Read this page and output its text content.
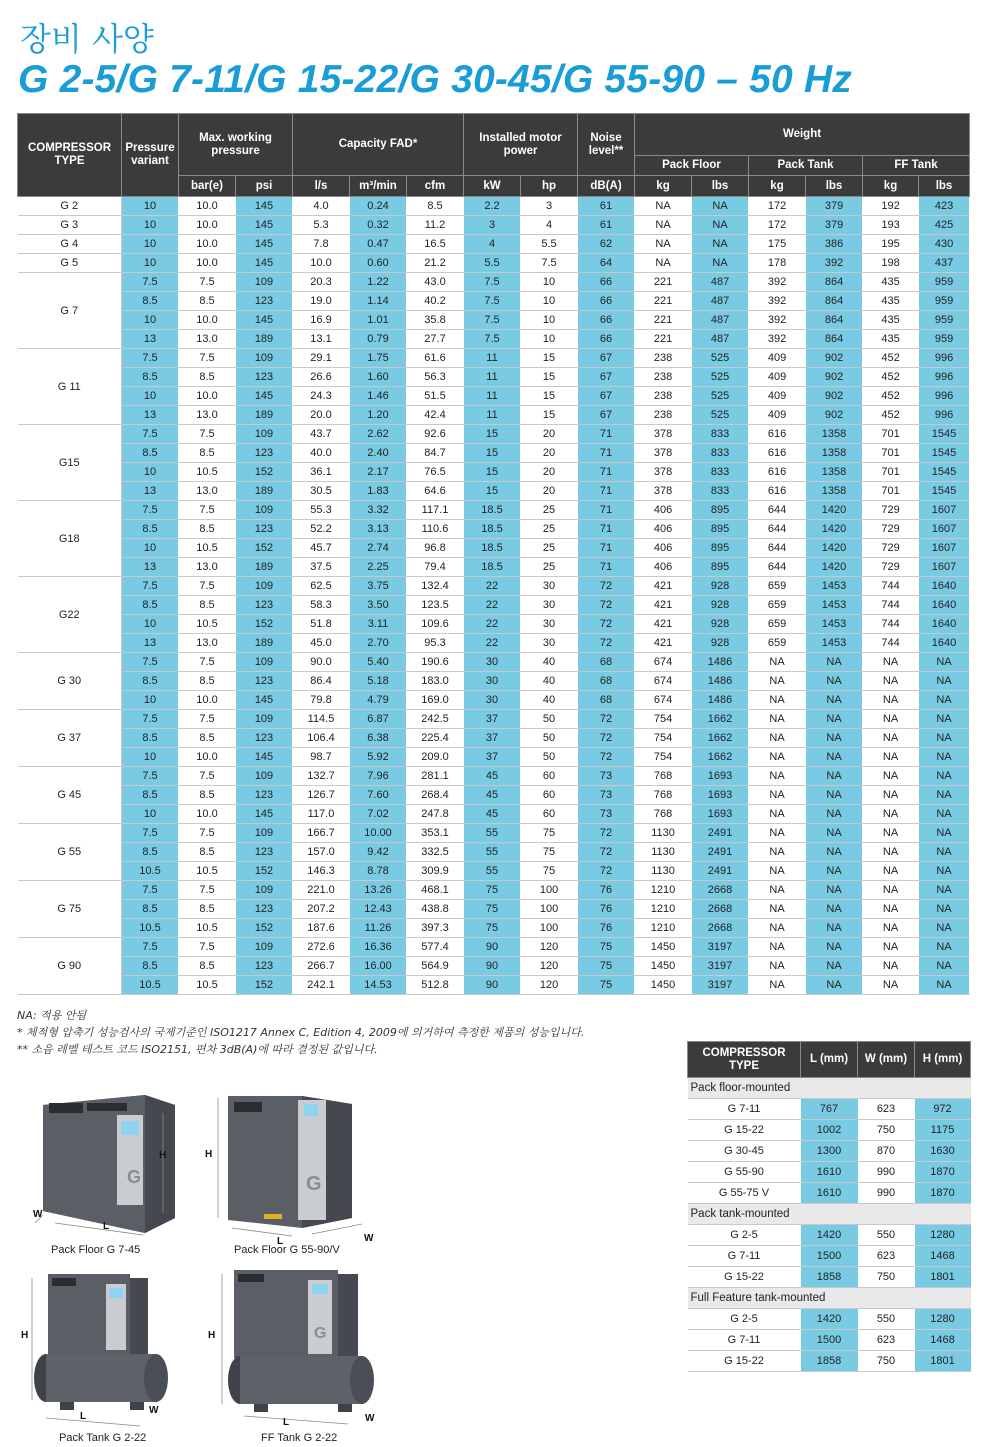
장비 사양
G 2-5/G 7-11/G 15-22/G 30-45/G 55-90 – 50 Hz
COMPRESSOR TYPE	Pressure variant	Max. working pressure		Capacity FAD*			Installed motor power		Noise level**	Weight					
										Pack Floor		Pack Tank		FF Tank	
		bar(e)	psi	l/s	m³/min	cfm	kW	hp	dB(A)	kg	lbs	kg	lbs	kg	lbs
G 2	10	10.0	145	4.0	0.24	8.5	2.2	3	61	NA	NA	172	379	192	423
G 3	10	10.0	145	5.3	0.32	11.2	3	4	61	NA	NA	172	379	193	425
G 4	10	10.0	145	7.8	0.47	16.5	4	5.5	62	NA	NA	175	386	195	430
G 5	10	10.0	145	10.0	0.60	21.2	5.5	7.5	64	NA	NA	178	392	198	437
G 7	7.5	7.5	109	20.3	1.22	43.0	7.5	10	66	221	487	392	864	435	959
	8.5	8.5	123	19.0	1.14	40.2	7.5	10	66	221	487	392	864	435	959
	10	10.0	145	16.9	1.01	35.8	7.5	10	66	221	487	392	864	435	959
	13	13.0	189	13.1	0.79	27.7	7.5	10	66	221	487	392	864	435	959
G 11	7.5	7.5	109	29.1	1.75	61.6	11	15	67	238	525	409	902	452	996
	8.5	8.5	123	26.6	1.60	56.3	11	15	67	238	525	409	902	452	996
	10	10.0	145	24.3	1.46	51.5	11	15	67	238	525	409	902	452	996
	13	13.0	189	20.0	1.20	42.4	11	15	67	238	525	409	902	452	996
G15	7.5	7.5	109	43.7	2.62	92.6	15	20	71	378	833	616	1358	701	1545
	8.5	8.5	123	40.0	2.40	84.7	15	20	71	378	833	616	1358	701	1545
	10	10.5	152	36.1	2.17	76.5	15	20	71	378	833	616	1358	701	1545
	13	13.0	189	30.5	1.83	64.6	15	20	71	378	833	616	1358	701	1545
G18	7.5	7.5	109	55.3	3.32	117.1	18.5	25	71	406	895	644	1420	729	1607
	8.5	8.5	123	52.2	3.13	110.6	18.5	25	71	406	895	644	1420	729	1607
	10	10.5	152	45.7	2.74	96.8	18.5	25	71	406	895	644	1420	729	1607
	13	13.0	189	37.5	2.25	79.4	18.5	25	71	406	895	644	1420	729	1607
G22	7.5	7.5	109	62.5	3.75	132.4	22	30	72	421	928	659	1453	744	1640
	8.5	8.5	123	58.3	3.50	123.5	22	30	72	421	928	659	1453	744	1640
	10	10.5	152	51.8	3.11	109.6	22	30	72	421	928	659	1453	744	1640
	13	13.0	189	45.0	2.70	95.3	22	30	72	421	928	659	1453	744	1640
G 30	7.5	7.5	109	90.0	5.40	190.6	30	40	68	674	1486	NA	NA	NA	NA
	8.5	8.5	123	86.4	5.18	183.0	30	40	68	674	1486	NA	NA	NA	NA
	10	10.0	145	79.8	4.79	169.0	30	40	68	674	1486	NA	NA	NA	NA
G 37	7.5	7.5	109	114.5	6.87	242.5	37	50	72	754	1662	NA	NA	NA	NA
	8.5	8.5	123	106.4	6.38	225.4	37	50	72	754	1662	NA	NA	NA	NA
	10	10.0	145	98.7	5.92	209.0	37	50	72	754	1662	NA	NA	NA	NA
G 45	7.5	7.5	109	132.7	7.96	281.1	45	60	73	768	1693	NA	NA	NA	NA
	8.5	8.5	123	126.7	7.60	268.4	45	60	73	768	1693	NA	NA	NA	NA
	10	10.0	145	117.0	7.02	247.8	45	60	73	768	1693	NA	NA	NA	NA
G 55	7.5	7.5	109	166.7	10.00	353.1	55	75	72	1130	2491	NA	NA	NA	NA
	8.5	8.5	123	157.0	9.42	332.5	55	75	72	1130	2491	NA	NA	NA	NA
	10.5	10.5	152	146.3	8.78	309.9	55	75	72	1130	2491	NA	NA	NA	NA
G 75	7.5	7.5	109	221.0	13.26	468.1	75	100	76	1210	2668	NA	NA	NA	NA
	8.5	8.5	123	207.2	12.43	438.8	75	100	76	1210	2668	NA	NA	NA	NA
	10.5	10.5	152	187.6	11.26	397.3	75	100	76	1210	2668	NA	NA	NA	NA
G 90	7.5	7.5	109	272.6	16.36	577.4	90	120	75	1450	3197	NA	NA	NA	NA
	8.5	8.5	123	266.7	16.00	564.9	90	120	75	1450	3197	NA	NA	NA	NA
	10.5	10.5	152	242.1	14.53	512.8	90	120	75	1450	3197	NA	NA	NA	NA
NA: 적용 안됨
* 체적형 압축기 성능검사의 국제기준인 ISO1217 Annex C, Edition 4, 2009에 의거하여 측정한 제품의 성능입니다.
** 소음 레벨 테스트 코드 ISO2151, 편차 3dB(A)에 따라 결정된 값입니다.	COMPRESSOR TYPE	L (mm)	W (mm)	H (mm)
Pack floor-mounted			
G 7-11	767	623	972
G 15-22	1002	750	1175
G 30-45	1300	870	1630
G 55-90	1610	990	1870
G 55-75 V	1610	990	1870
Pack tank-mounted			
G 2-5	1420	550	1280
G 7-11	1500	623	1468
G 15-22	1858	750	1801
Full Feature tank-mounted			
G 2-5	1420	550	1280
G 7-11	1500	623	1468
G 15-22	1858	750	1801
G
H
W
L
Pack Floor G 7-45
G
H
L	W
Pack Floor G 55-90/V
H
L
W
Pack Tank G 2-22
G
H
L	W
FF Tank G 2-22
